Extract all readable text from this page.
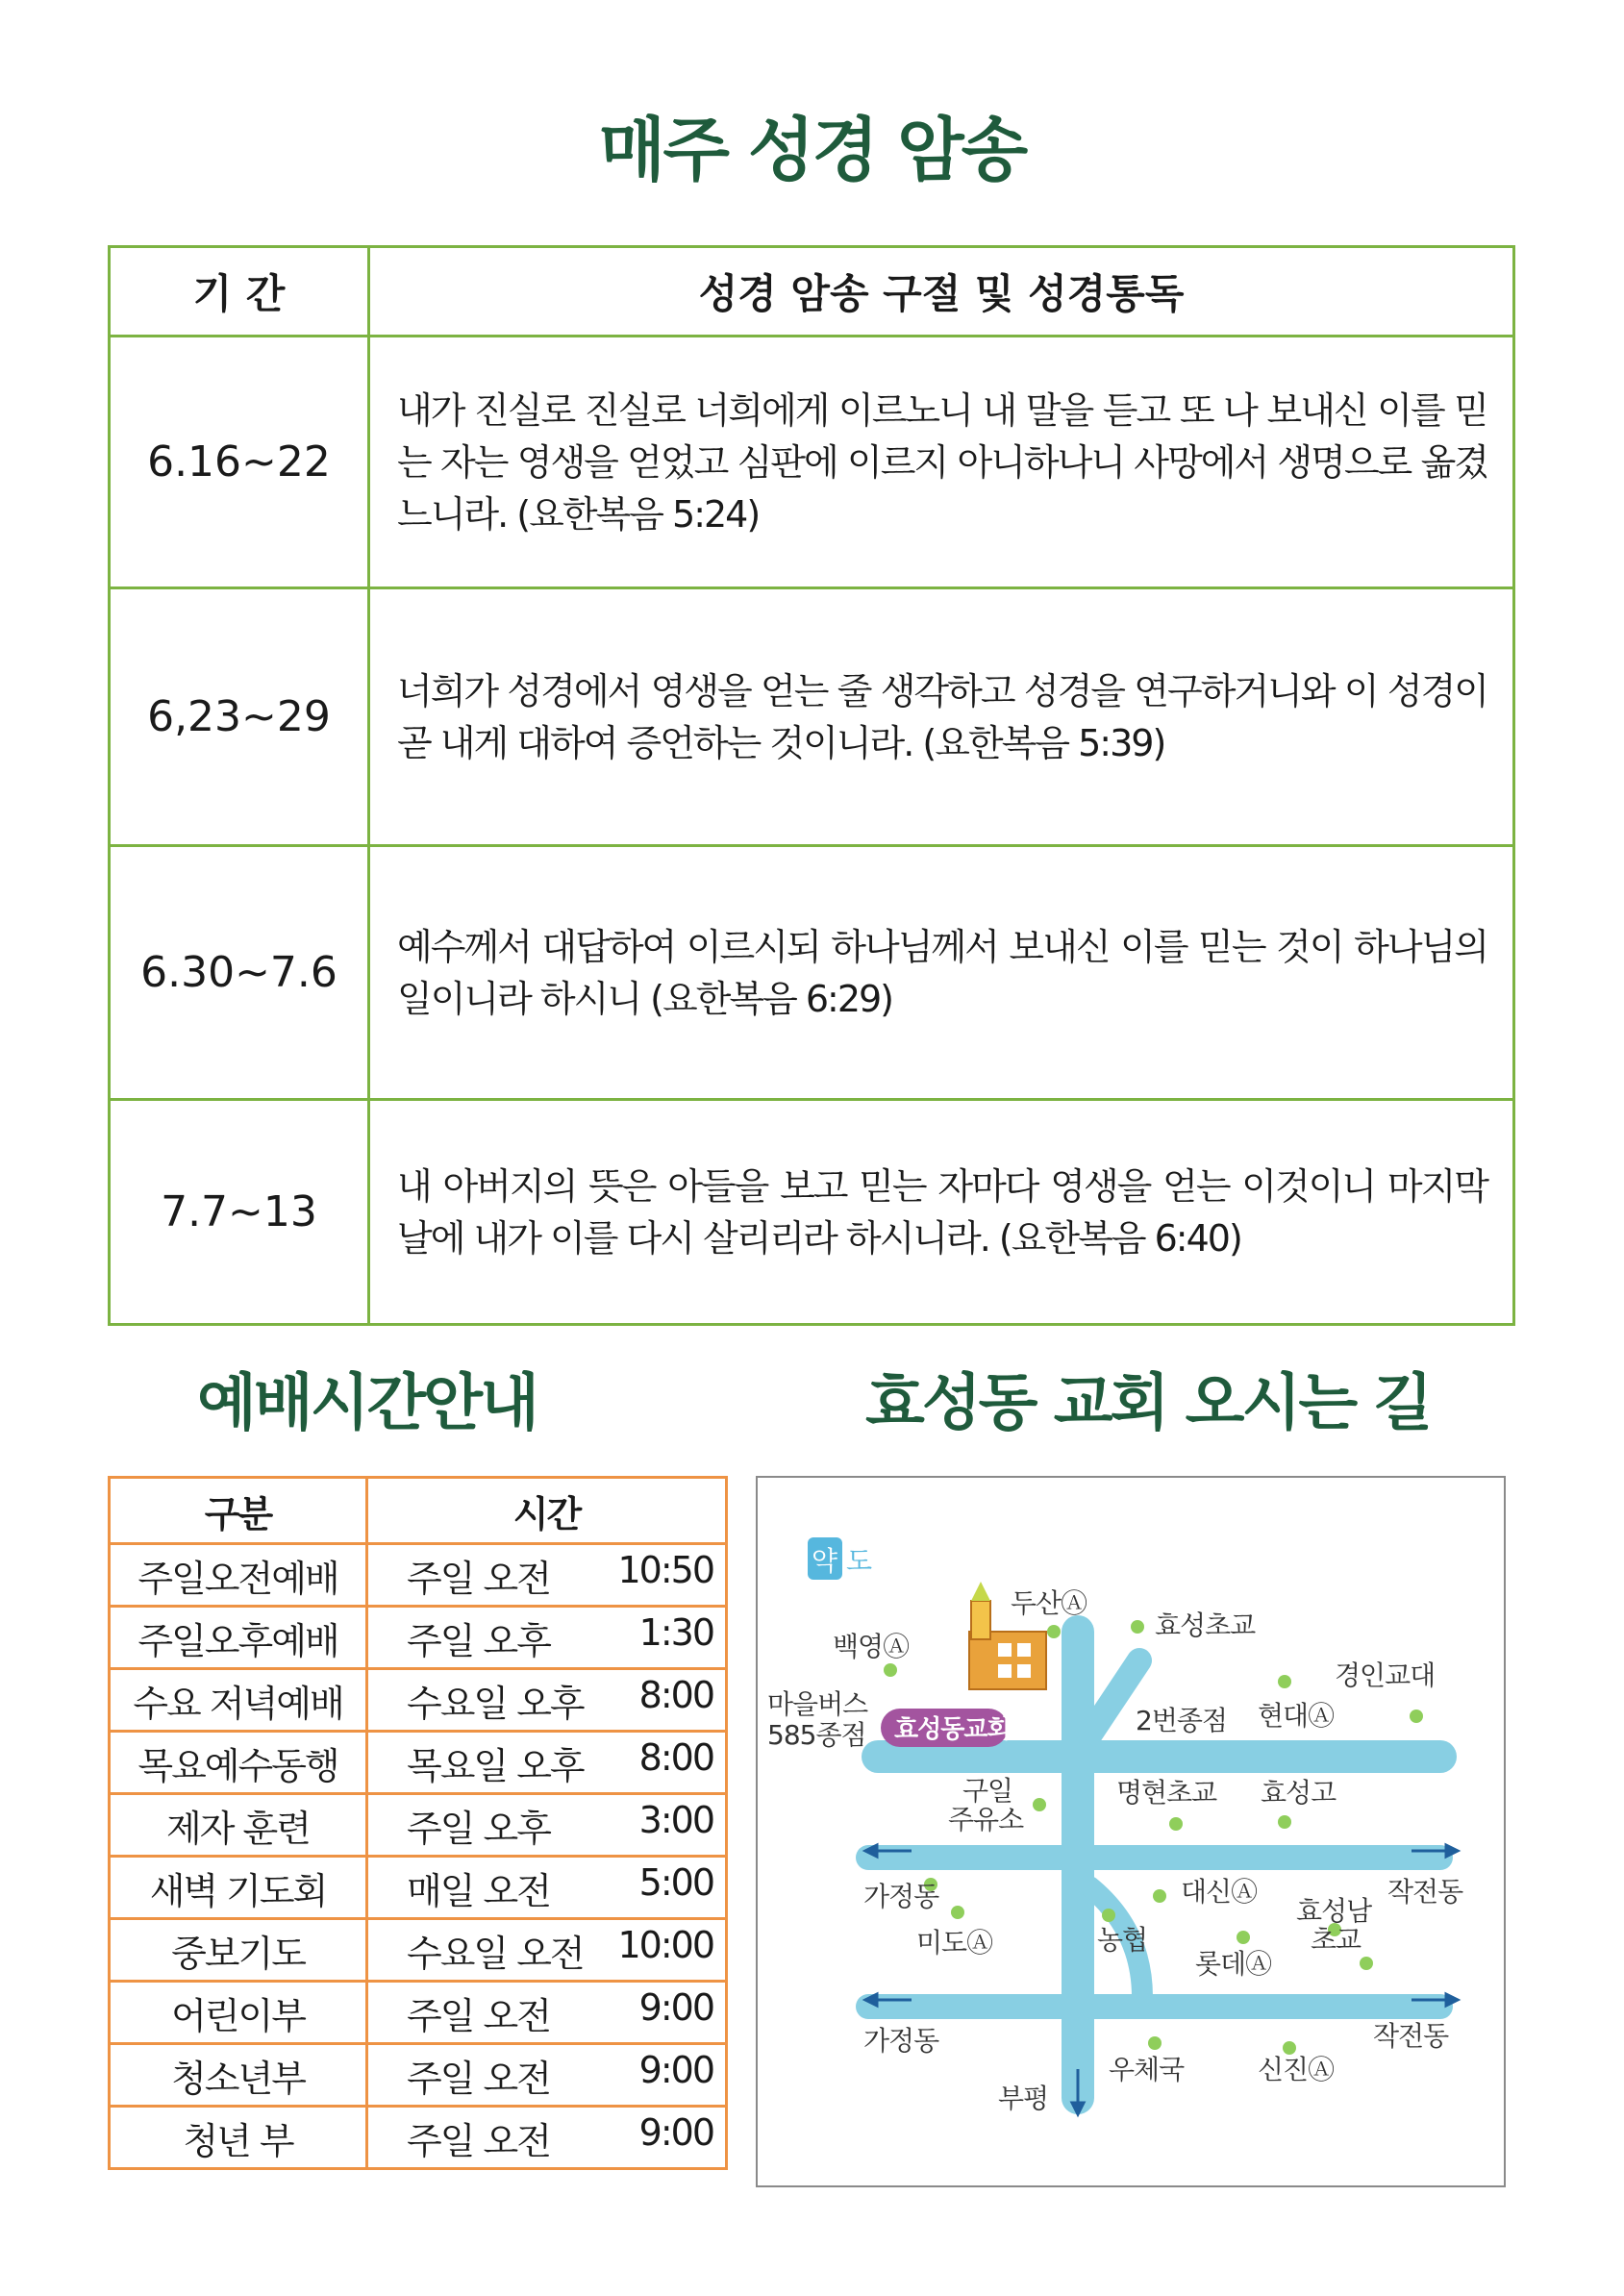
매주 성경 암송
기 간	성경 암송 구절 및 성경통독
6.16~22	내가 진실로 진실로 너희에게 이르노니 내 말을 듣고 또 나 보내신 이를 믿는 자는 영생을 얻었고 심판에 이르지 아니하나니 사망에서 생명으로 옮겼느니라. (요한복음 5:24)
6,23~29	너희가 성경에서 영생을 얻는 줄 생각하고 성경을 연구하거니와 이 성경이 곧 내게 대하여 증언하는 것이니라. (요한복음 5:39)
6.30~7.6	예수께서 대답하여 이르시되 하나님께서 보내신 이를 믿는 것이 하나님의 일이니라 하시니 (요한복음 6:29)
7.7~13	내 아버지의 뜻은 아들을 보고 믿는 자마다 영생을 얻는 이것이니 마지막 날에 내가 이를 다시 살리리라 하시니라. (요한복음 6:40)
예배시간안내	효성동 교회 오시는 길
구분	시간
주일오전예배	주일 오전 10:50

주일오후예배	주일 오후 1:30

수요 저녁예배	수요일 오후 8:00

목요예수동행	목요일 오후 8:00

제자 훈련	주일 오후 3:00

새벽 기도회	매일 오전 5:00

중보기도	수요일 오전 10:00

어린이부	주일 오전 9:00

청소년부	주일 오전 9:00

청년 부	주일 오전 9:00
약 도
효성동교회
백영Ⓐ
두산Ⓐ
효성초교
마을버스
585종점
경인교대
현대Ⓐ
2번종점
구일
주유소
명현초교 효성고
가정동	대신Ⓐ
효성남
초교
작전동
미도Ⓐ	농협
롯데Ⓐ
가정동	작전동
우체국	신진Ⓐ
부평
